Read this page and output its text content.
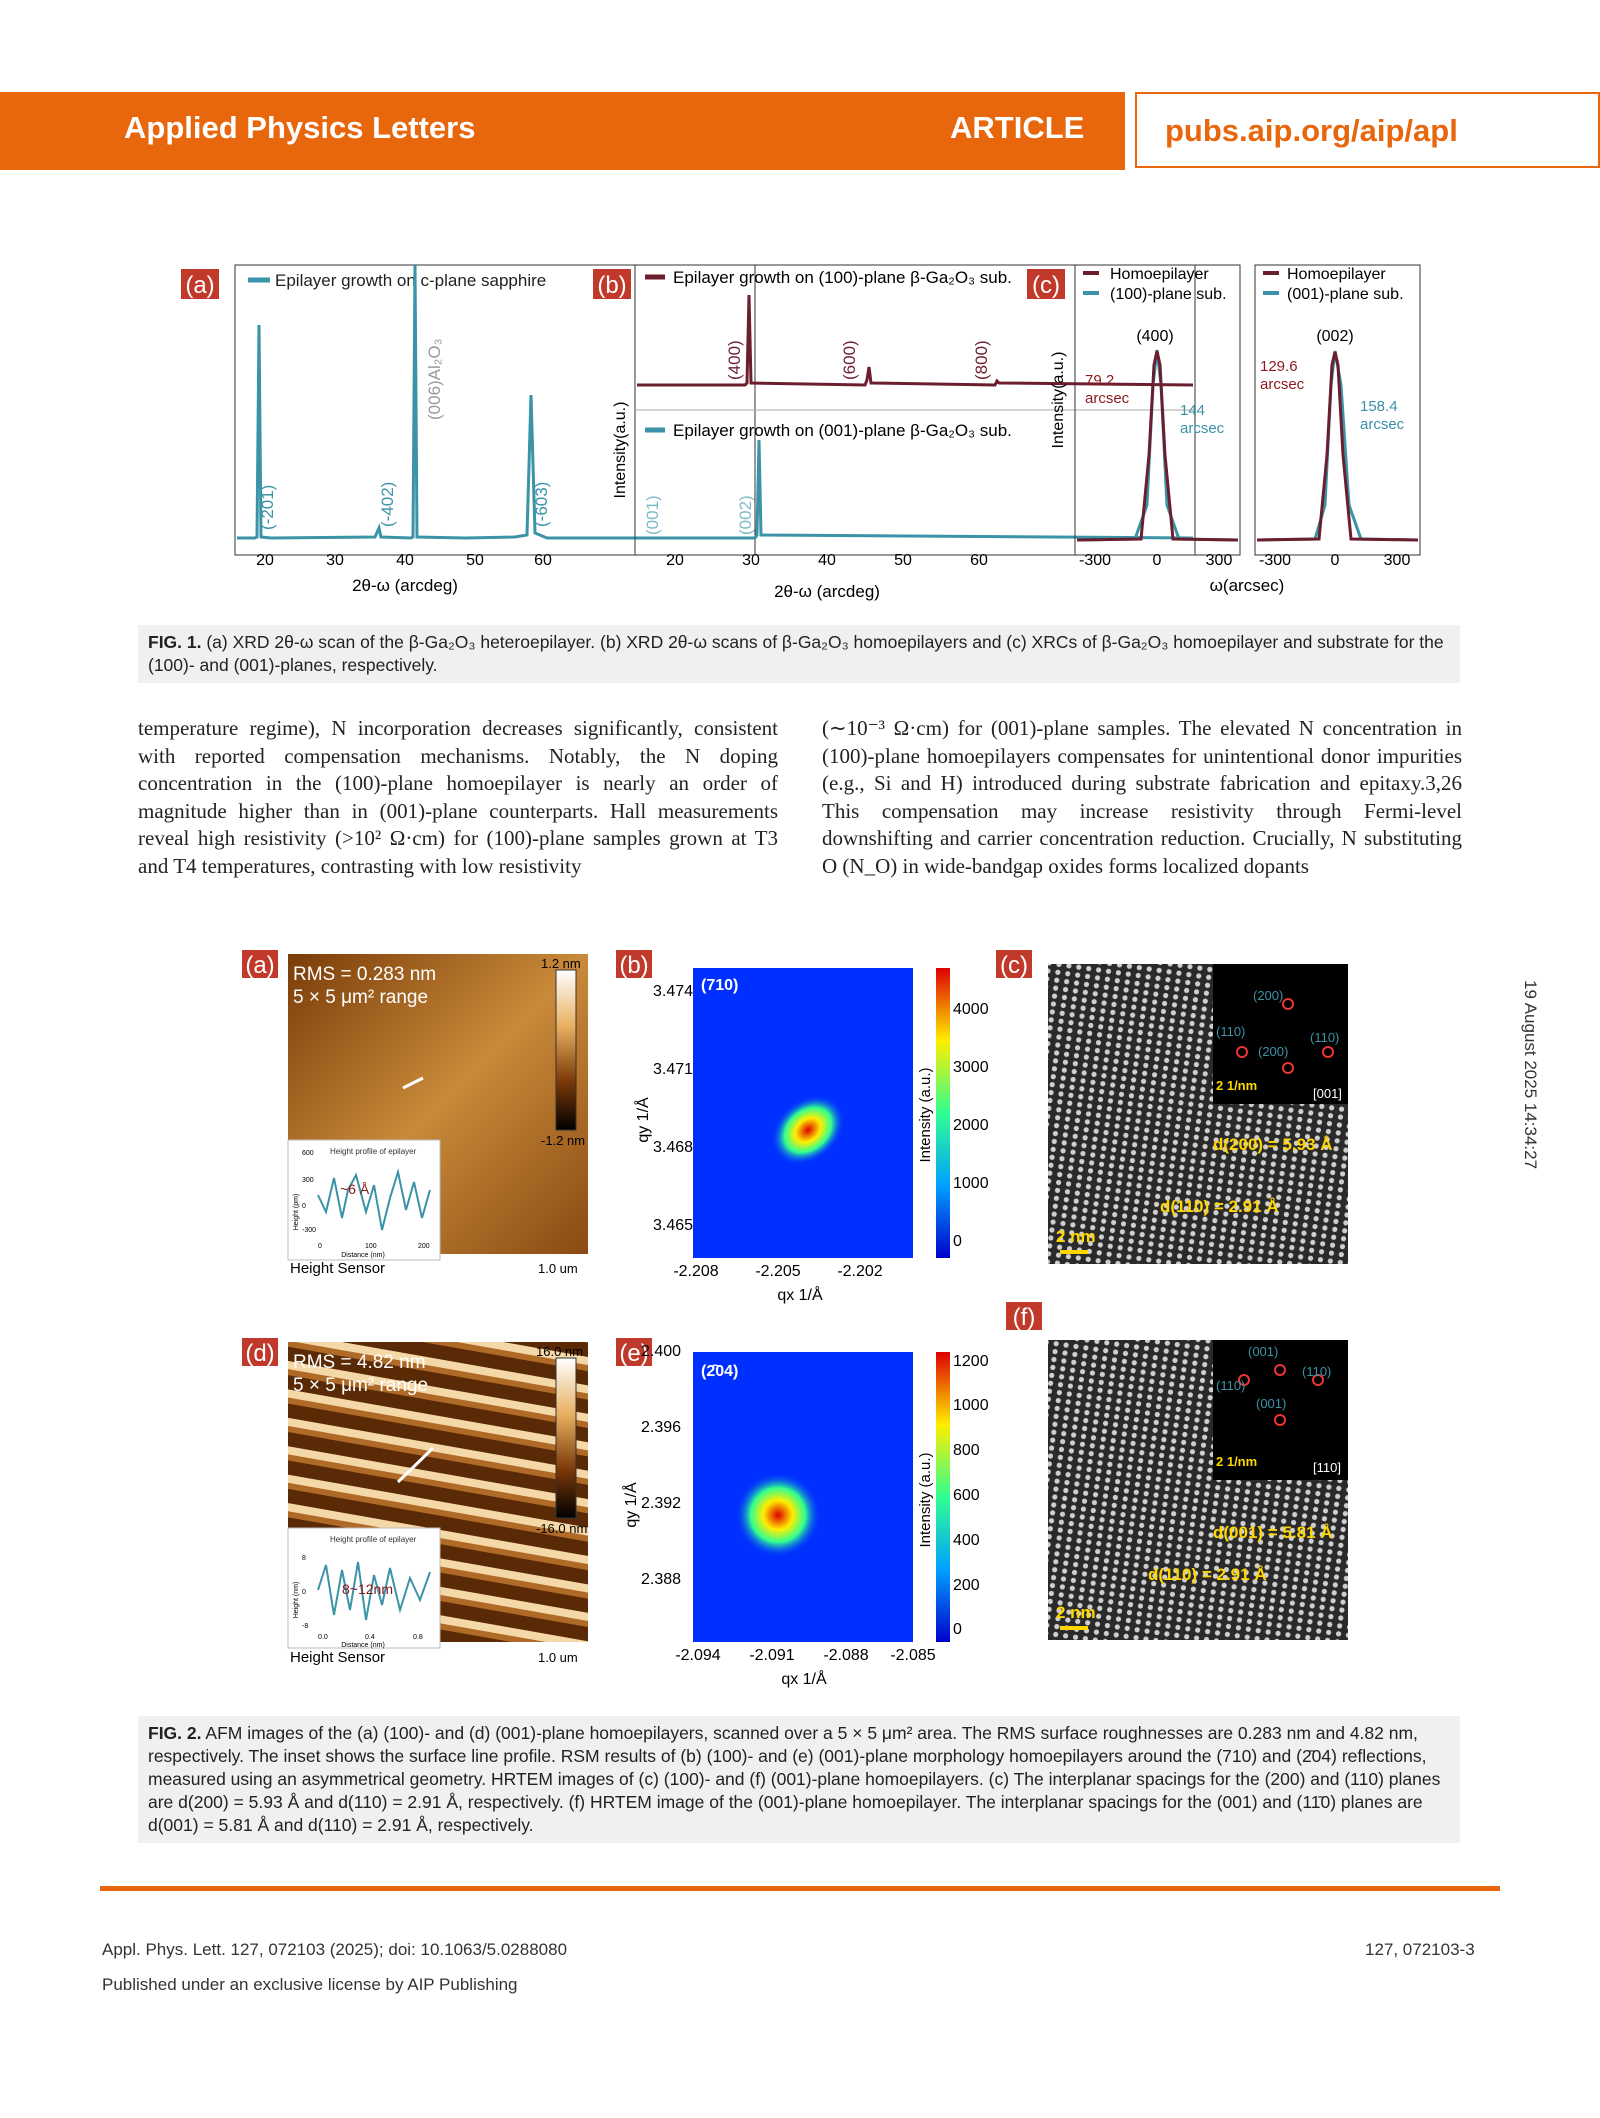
Applied Physics Letters	ARTICLE	pubs.aip.org/aip/apl
19 August 2025 14:34:27
(a)	Epilayer growth on c-plane sapphire
(-201)	(-402)
(006)Al₂O₃
(-603)
20	30	40	50	60
2θ-ω (arcdeg)
(b)
Intensity(a.u.)
Epilayer growth on (100)-plane β-Ga₂O₃ sub.
(400)	(600)	(800)
Epilayer growth on (001)-plane β-Ga₂O₃ sub.
(001)	(002)
20	30	40	50	60
2θ-ω (arcdeg)
(c)
Intensity(a.u.)
Homoepilayer
(100)-plane sub.
(400)
79.2
arcsec
144
arcsec
-300	0	300
Homoepilayer
(001)-plane sub.
(002)
129.6
arcsec
158.4
arcsec
-300 0	300
ω(arcsec)
FIG. 1. (a) XRD 2θ-ω scan of the β-Ga₂O₃ heteroepilayer. (b) XRD 2θ-ω scans of β-Ga₂O₃ homoepilayers and (c) XRCs of β-Ga₂O₃ homoepilayer and substrate for the (100)- and (001)-planes, respectively.
temperature regime), N incorporation decreases significantly, consistent with reported compensation mechanisms. Notably, the N doping concentration in the (100)-plane homoepilayer is nearly an order of magnitude higher than in (001)-plane counterparts. Hall measurements reveal high resistivity (>10² Ω·cm) for (100)-plane samples grown at T3 and T4 temperatures, contrasting with low resistivity
(∼10⁻³ Ω·cm) for (001)-plane samples. The elevated N concentration in (100)-plane homoepilayers compensates for unintentional donor impurities (e.g., Si and H) introduced during substrate fabrication and epitaxy.3,26 This compensation may increase resistivity through Fermi-level downshifting and carrier concentration reduction. Crucially, N substituting O (N_O) in wide-bandgap oxides forms localized dopants
(a) RMS = 0.283 nm
5 × 5 μm² range
1.2 nm
-1.2 nm
Height profile of epilayer
Height (pm)
600
300
0
-300
~6 Å
0	100	200
Distance (nm)
Height Sensor	1.0 um
(b)
(710)
3.474
3.471
3.468
3.465
qy 1/Å
-2.208 -2.205 -2.202
qx 1/Å
Intensity (a.u.)
4000
3000
2000
1000
0
(c)
(200)
(110)
(200)
(110)
2 1/nm
[001]
d(200) = 5.93 Å
d(110) = 2.91 Å
2 nm
(d) RMS = 4.82 nm
5 × 5 μm² range
16.0 nm
-16.0 nm
Height profile of epilayer
Height (nm)
8
0
-8
8~12nm
0.0	0.4	0.8
Distance (nm)
Height Sensor	1.0 um
(e)
(2̄04)
2.400
2.396
2.392
2.388
qy 1/Å
-2.094 -2.091 -2.088 -2.085
qx 1/Å
Intensity (a.u.)
1200
1000
800
600
400
200
0
(f)
(001)
(110)
(110)
(001)
2 1/nm	[110]
d(001) = 5.81 Å
d(110) = 2.91 Å
2 nm
FIG. 2. AFM images of the (a) (100)- and (d) (001)-plane homoepilayers, scanned over a 5 × 5 μm² area. The RMS surface roughnesses are 0.283 nm and 4.82 nm, respectively. The inset shows the surface line profile. RSM results of (b) (100)- and (e) (001)-plane morphology homoepilayers around the (710) and (2̄04) reflections, measured using an asymmetrical geometry. HRTEM images of (c) (100)- and (f) (001)-plane homoepilayers. (c) The interplanar spacings for the (200) and (110) planes are d(200) = 5.93 Å and d(110) = 2.91 Å, respectively. (f) HRTEM image of the (001)-plane homoepilayer. The interplanar spacings for the (001) and (11̄0) planes are d(001) = 5.81 Å and d(110) = 2.91 Å, respectively.
Appl. Phys. Lett. 127, 072103 (2025); doi: 10.1063/5.0288080
Published under an exclusive license by AIP Publishing
127, 072103-3
